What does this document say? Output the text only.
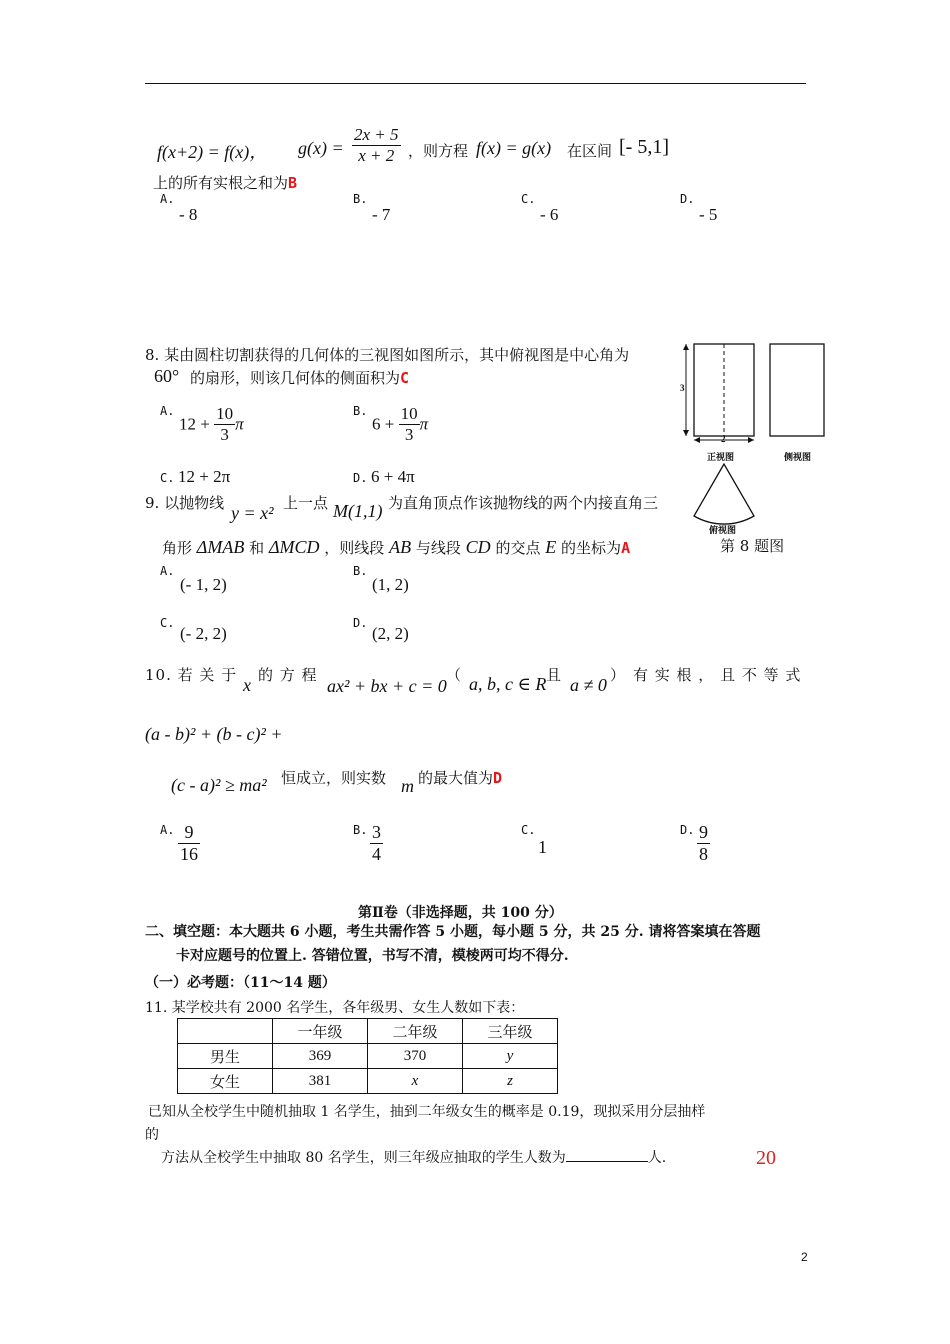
f(x+2) = f(x)， $g(x) = \frac{2x + 5}{x + 2}$ ，则方程 f(x) = g(x) 在区间 [- 5,1]
上的所有实根之和为B
A.
- 8
B.
- 7
C.
- 6
D.
- 5
8. 某由圆柱切割获得的几何体的三视图如图所示，其中俯视图是中心角为
60° 的扇形，则该几何体的侧面积为C
A.
$12 + \frac{10}{3}$ π
B.
$6 + \frac{10}{3}$ π
C. 12 + 2π	D. 6 + 4π
3
2
正视图	侧视图
俯视图
第 8 题图
9. 以抛物线 y = x² 上一点 M(1,1) 为直角顶点作该抛物线的两个内接直角三
角形 ΔMAB 和 ΔMCD ，则线段 AB 与线段 CD 的交点 E 的坐标为A
A.
(- 1, 2)
B.
(1, 2)
C.
(- 2, 2)
D.
(2, 2)
10. 若 关 于 x 的 方 程
ax² + bx + c = 0
（ a, b, c ∈ R 且 a ≠ 0 ） 有 实 根 ， 且 不 等 式
(a - b)² + (b - c)² +
(c - a)² ≥ ma² 恒成立，则实数 m 的最大值为D
A. $\frac{9}{16}$	B. $\frac{3}{4}$	C.
1
D. $\frac{9}{8}$
第Ⅱ卷（非选择题，共 100 分）
二、填空题：本大题共 6 小题，考生共需作答 5 小题，每小题 5 分，共 25 分. 请将答案填在答题
卡对应题号的位置上. 答错位置，书写不清，模棱两可均不得分.
（一）必考题：（11～14 题）
11. 某学校共有 2000 名学生，各年级男、女生人数如下表：
	一年级	二年级	三年级
男生	369	370	y
女生	381	x	z
已知从全校学生中随机抽取 1 名学生，抽到二年级女生的概率是 0.19，现拟采用分层抽样
的
方法从全校学生中抽取 80 名学生，则三年级应抽取的学生人数为	人.	20
2
